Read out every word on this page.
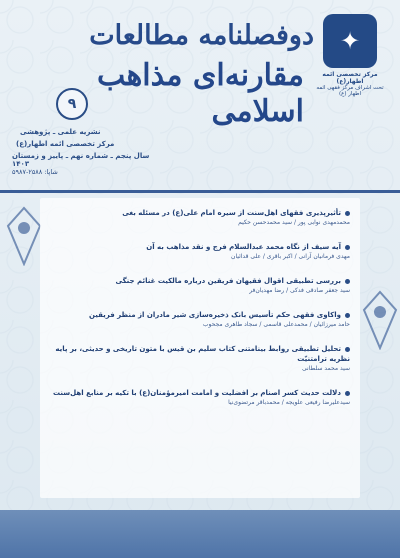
دوفصلنامه مطالعات
مقارنه‌ای مذاهب اسلامی
۹
نشریه علمی ـ پژوهشی
مرکز تخصصی ائمه اطهار(ع)
سال پنجم ـ شماره نهم ـ پاییز و زمستان ۱۴۰۳
شاپا: ۲۵۸۸-۵۹۸۷
✦
مرکز تخصصی ائمه اطهار(ع)
تحت اشراف مرکز فقهی ائمه اطهار (ع)
تأثیرپذیری فقهای اهل‌سنت از سیره امام علی(ع) در مسئله بغی
محمدمهدی نوابی پور / سید محمدحسن حکیم
آیه سیف از نگاه محمد عبدالسلام فرج و نقد مذاهب به آن
مهدی فرمانیان آرانی / اکبر باقری / علی قدائیان
بررسی تطبیقی اقوال فقیهان فریقین درباره مالکیت غنائم جنگی
سید جعفر صادقی فدکی / رضا مهدیان‌فر
واکاوی فقهی حکم تأسیس بانک ذخیره‌سازی شیر مادران از منظر فریقین
حامد میرزائیان / محمدعلی قاسمی / سجاد طاهری مجحوب
تحلیل تطبیقی روابط بینامتنی کتاب سلیم بن قیس با متون تاریخی و حدیثی، بر پایه نظریه ترامتنیّت
سید محمد سلطانی
دلالت حدیث کسر اصنام بر افضلیت و امامت امیرمؤمنان(ع) با تکیه بر منابع اهل‌سنت
سیدعلیرضا رفیعی علویجه / محمدباقر مرتضوی‌نیا
